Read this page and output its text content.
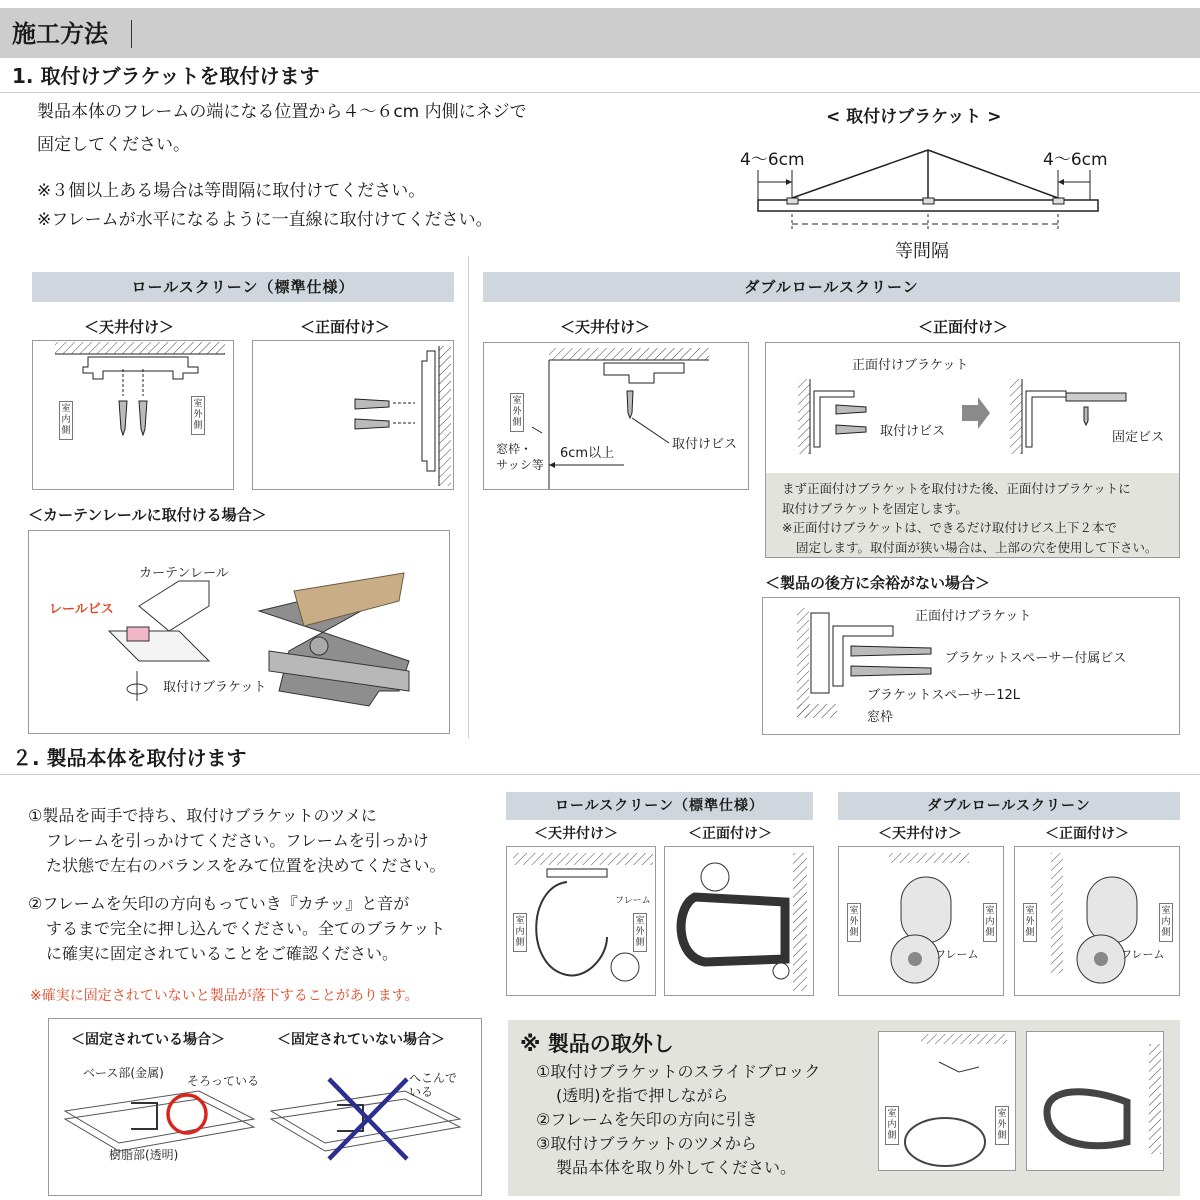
施工方法
1. 取付けブラケットを取付けます
製品本体のフレームの端になる位置から４〜６cm 内側にネジで
固定してください。
※３個以上ある場合は等間隔に取付けてください。
※フレームが水平になるように一直線に取付けてください。
< 取付けブラケット >
4〜6cm	4〜6cm
等間隔
ロールスクリーン（標準仕様）
＜天井付け＞	＜正面付け＞
室内側
室外側
＜カーテンレールに取付ける場合＞
カーテンレール
レールビス
取付けブラケット
ダブルロールスクリーン
＜天井付け＞	＜正面付け＞
室外側
窓枠・
サッシ等
6cm以上
取付けビス
正面付けブラケット
取付けビス	固定ビス
まず正面付けブラケットを取付けた後、正面付けブラケットに
取付けブラケットを固定します。
※正面付けブラケットは、できるだけ取付けビス上下２本で
固定します。取付面が狭い場合は、上部の穴を使用して下さい。
＜製品の後方に余裕がない場合＞
正面付けブラケット
ブラケットスペーサー付属ビス
ブラケットスペーサー12L
窓枠
２. 製品本体を取付けます
①製品を両手で持ち、取付けブラケットのツメに
フレームを引っかけてください。フレームを引っかけ
た状態で左右のバランスをみて位置を決めてください。
②フレームを矢印の方向もっていき『カチッ』と音が
するまで完全に押し込んでください。全てのブラケット
に確実に固定されていることをご確認ください。
※確実に固定されていないと製品が落下することがあります。
＜固定されている場合＞	＜固定されていない場合＞
ベース部(金属)
そろっている
樹脂部(透明)
へこんで
いる
ロールスクリーン（標準仕様）	ダブルロールスクリーン
＜天井付け＞	＜正面付け＞	＜天井付け＞	＜正面付け＞
室内側
室外側
フレーム
室外側
室内側
フレーム
室外側
室内側
フレーム
※ 製品の取外し
①取付けブラケットのスライドブロック
(透明)を指で押しながら
②フレームを矢印の方向に引き
③取付けブラケットのツメから
製品本体を取り外してください。
室内側
室外側
